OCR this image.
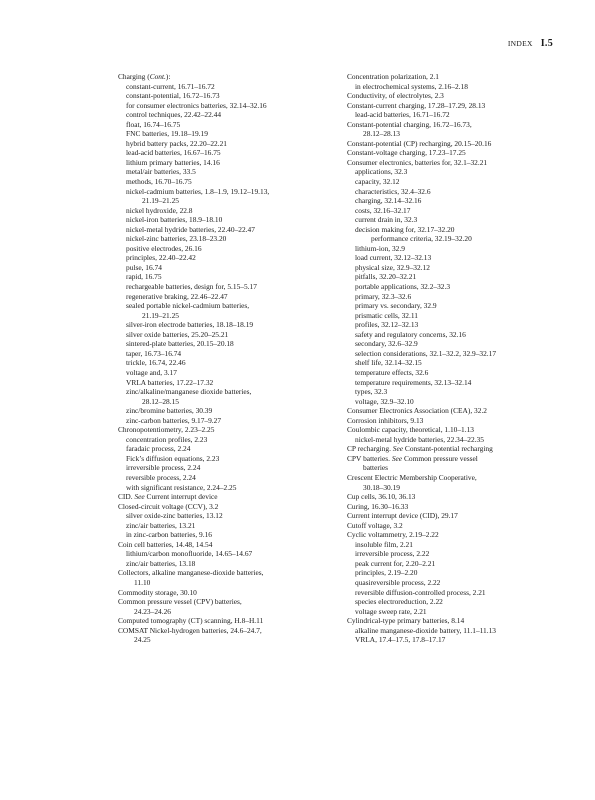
INDEX I.5
Charging (Cont.):
constant-current, 16.71–16.72
constant-potential, 16.72–16.73
for consumer electronics batteries, 32.14–32.16
control techniques, 22.42–22.44
float, 16.74–16.75
FNC batteries, 19.18–19.19
hybrid battery packs, 22.20–22.21
lead-acid batteries, 16.67–16.75
lithium primary batteries, 14.16
metal/air batteries, 33.5
methods, 16.70–16.75
nickel-cadmium batteries, 1.8–1.9, 19.12–19.13,
21.19–21.25
nickel hydroxide, 22.8
nickel-iron batteries, 18.9–18.10
nickel-metal hydride batteries, 22.40–22.47
nickel-zinc batteries, 23.18–23.20
positive electrodes, 26.16
principles, 22.40–22.42
pulse, 16.74
rapid, 16.75
rechargeable batteries, design for, 5.15–5.17
regenerative braking, 22.46–22.47
sealed portable nickel-cadmium batteries,
21.19–21.25
silver-iron electrode batteries, 18.18–18.19
silver oxide batteries, 25.20–25.21
sintered-plate batteries, 20.15–20.18
taper, 16.73–16.74
trickle, 16.74, 22.46
voltage and, 3.17
VRLA batteries, 17.22–17.32
zinc/alkaline/manganese dioxide batteries,
28.12–28.15
zinc/bromine batteries, 30.39
zinc-carbon batteries, 9.17–9.27
Chronopotentiometry, 2.23–2.25
concentration profiles, 2.23
faradaic process, 2.24
Fick’s diffusion equations, 2.23
irreversible process, 2.24
reversible process, 2.24
with significant resistance, 2.24–2.25
CID. See Current interrupt device
Closed-circuit voltage (CCV), 3.2
silver oxide-zinc batteries, 13.12
zinc/air batteries, 13.21
in zinc-carbon batteries, 9.16
Coin cell batteries, 14.48, 14.54
lithium/carbon monofluoride, 14.65–14.67
zinc/air batteries, 13.18
Collectors, alkaline manganese-dioxide batteries,
11.10
Commodity storage, 30.10
Common pressure vessel (CPV) batteries,
24.23–24.26
Computed tomography (CT) scanning, H.8–H.11
COMSAT Nickel-hydrogen batteries, 24.6–24.7,
24.25
Concentration polarization, 2.1
in electrochemical systems, 2.16–2.18
Conductivity, of electrolytes, 2.3
Constant-current charging, 17.28–17.29, 28.13
lead-acid batteries, 16.71–16.72
Constant-potential charging, 16.72–16.73,
28.12–28.13
Constant-potential (CP) recharging, 20.15–20.16
Constant-voltage charging, 17.23–17.25
Consumer electronics, batteries for, 32.1–32.21
applications, 32.3
capacity, 32.12
characteristics, 32.4–32.6
charging, 32.14–32.16
costs, 32.16–32.17
current drain in, 32.3
decision making for, 32.17–32.20
performance criteria, 32.19–32.20
lithium-ion, 32.9
load current, 32.12–32.13
physical size, 32.9–32.12
pitfalls, 32.20–32.21
portable applications, 32.2–32.3
primary, 32.3–32.6
primary vs. secondary, 32.9
prismatic cells, 32.11
profiles, 32.12–32.13
safety and regulatory concerns, 32.16
secondary, 32.6–32.9
selection considerations, 32.1–32.2, 32.9–32.17
shelf life, 32.14–32.15
temperature effects, 32.6
temperature requirements, 32.13–32.14
types, 32.3
voltage, 32.9–32.10
Consumer Electronics Association (CEA), 32.2
Corrosion inhibitors, 9.13
Coulombic capacity, theoretical, 1.10–1.13
nickel-metal hydride batteries, 22.34–22.35
CP recharging. See Constant-potential recharging
CPV batteries. See Common pressure vessel
batteries
Crescent Electric Membership Cooperative,
30.18–30.19
Cup cells, 36.10, 36.13
Curing, 16.30–16.33
Current interrupt device (CID), 29.17
Cutoff voltage, 3.2
Cyclic voltammetry, 2.19–2.22
insoluble film, 2.21
irreversible process, 2.22
peak current for, 2.20–2.21
principles, 2.19–2.20
quasireversible process, 2.22
reversible diffusion-controlled process, 2.21
species electroreduction, 2.22
voltage sweep rate, 2.21
Cylindrical-type primary batteries, 8.14
alkaline manganese-dioxide battery, 11.1–11.13
VRLA, 17.4–17.5, 17.8–17.17
